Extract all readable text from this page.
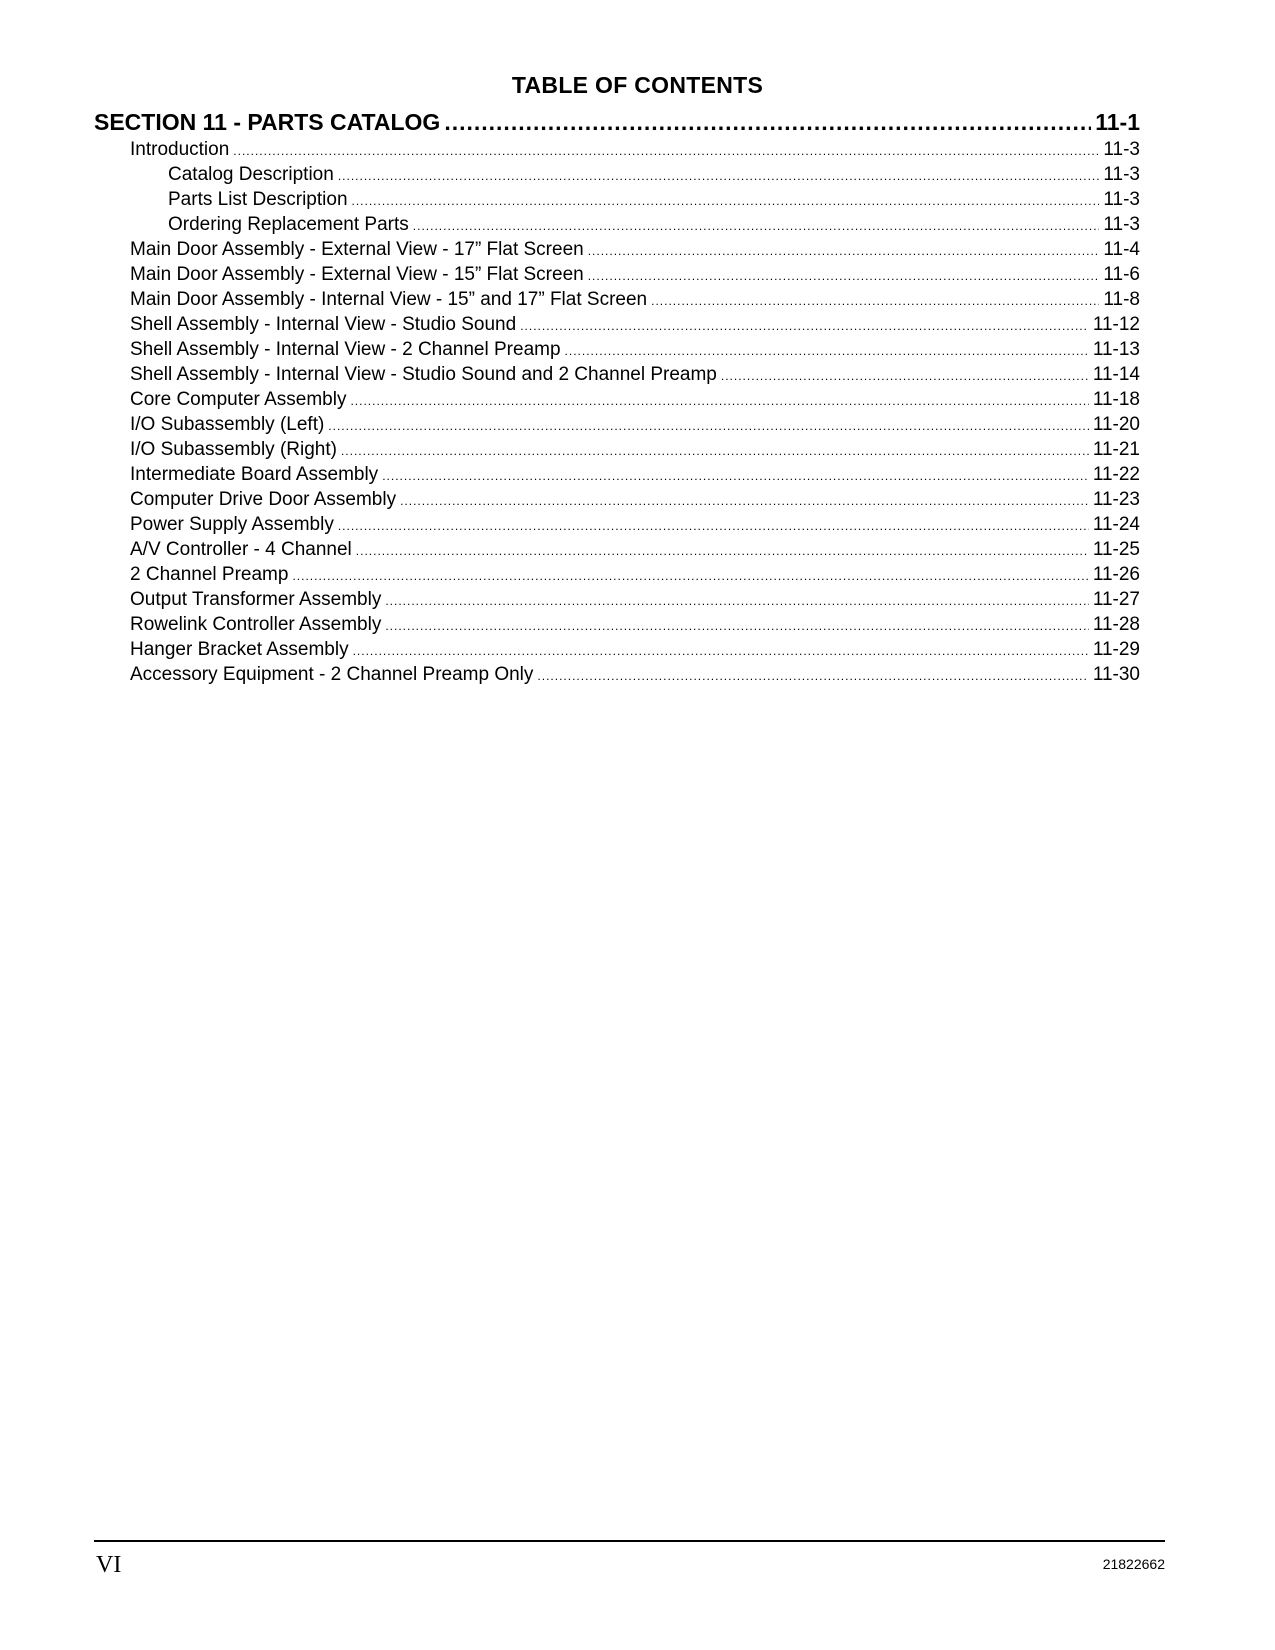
TABLE OF CONTENTS
SECTION 11 - PARTS CATALOG .....	11-1
Introduction .....	11-3
Catalog Description .....	11-3
Parts List Description .....	11-3
Ordering Replacement Parts .....	11-3
Main Door Assembly - External View - 17” Flat Screen .....	11-4
Main Door Assembly - External View - 15” Flat Screen .....	11-6
Main Door Assembly - Internal View - 15” and 17” Flat Screen .....	11-8
Shell Assembly - Internal View - Studio Sound .....	11-12
Shell Assembly - Internal View - 2 Channel Preamp .....	11-13
Shell Assembly - Internal View - Studio Sound and 2 Channel Preamp .....	11-14
Core Computer Assembly .....	11-18
I/O Subassembly (Left) .....	11-20
I/O Subassembly (Right) .....	11-21
Intermediate Board Assembly .....	11-22
Computer Drive Door Assembly .....	11-23
Power Supply Assembly .....	11-24
A/V Controller - 4 Channel .....	11-25
2 Channel Preamp .....	11-26
Output Transformer Assembly .....	11-27
Rowelink Controller Assembly .....	11-28
Hanger Bracket Assembly .....	11-29
Accessory Equipment - 2 Channel Preamp Only .....	11-30
VI	21822662
